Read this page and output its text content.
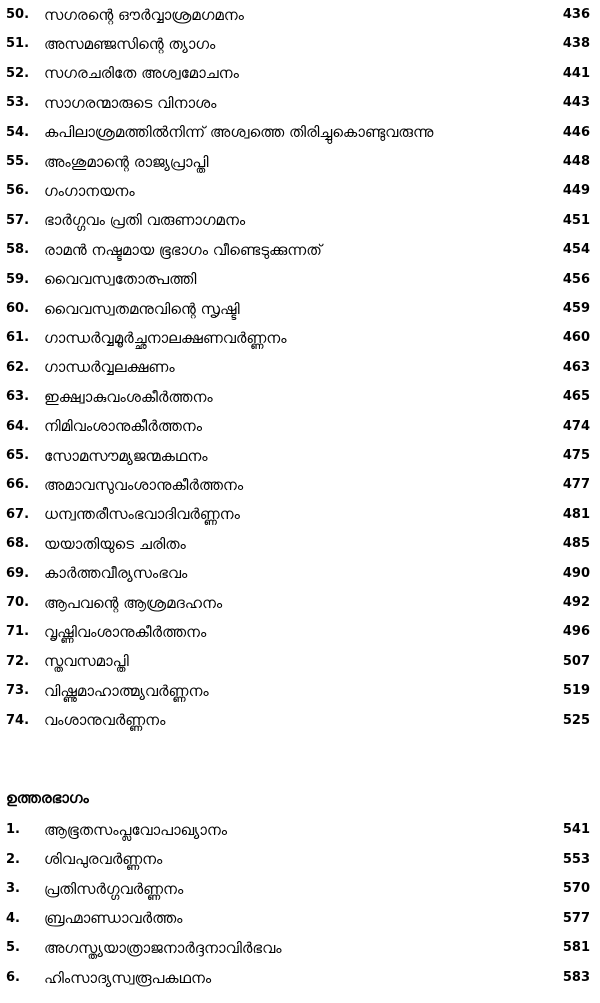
50. സഗരന്റെ ഔർവ്വാശ്രമഗമനം	436
51. അസമഞ്ജസിന്റെ ത്യാഗം	438
52. സഗരചരിതേ അശ്വമോചനം	441
53. സാഗരന്മാരുടെ വിനാശം	443
54. കപിലാശ്രമത്തിൽനിന്ന് അശ്വത്തെ തിരിച്ചുകൊണ്ടുവരുന്നു	446
55. അംശുമാന്റെ രാജ്യപ്രാപ്തി	448
56. ഗംഗാനയനം	449
57. ഭാർഗ്ഗവം പ്രതി വരുണാഗമനം	451
58. രാമൻ നഷ്ടമായ ഭൂഭാഗം വീണ്ടെടുക്കുന്നത്	454
59. വൈവസ്വതോത്പത്തി	456
60. വൈവസ്വതമനുവിന്റെ സൃഷ്ടി	459
61. ഗാന്ധർവ്വമൂർച്ഛനാലക്ഷണവർണ്ണനം	460
62. ഗാന്ധർവ്വലക്ഷണം	463
63. ഇക്ഷ്വാകുവംശകീർത്തനം	465
64. നിമിവംശാനുകീർത്തനം	474
65. സോമസൗമ്യജന്മകഥനം	475
66. അമാവസുവംശാനുകീർത്തനം	477
67. ധന്വന്തരീസംഭവാദിവർണ്ണനം	481
68. യയാതിയുടെ ചരിതം	485
69. കാർത്തവീര്യസംഭവം	490
70. ആപവന്റെ ആശ്രമദഹനം	492
71. വൃഷ്ണിവംശാനുകീർത്തനം	496
72. സ്തവസമാപ്തി	507
73. വിഷ്ണുമാഹാത്മ്യവർണ്ണനം	519
74. വംശാനുവർണ്ണനം	525
ഉത്തരഭാഗം
1.	ആഭൂതസംപ്ലവോപാഖ്യാനം	541
2.	ശിവപുരവർണ്ണനം	553
3.	പ്രതിസർഗ്ഗവർണ്ണനം	570
4.	ബ്രഹ്മാണ്ഡാവർത്തം	577
5.	അഗസ്ത്യയാത്രാജനാർദ്ദനാവിർഭവം	581
6.	ഹിംസാദ്യസ്വരൂപകഥനം	583
